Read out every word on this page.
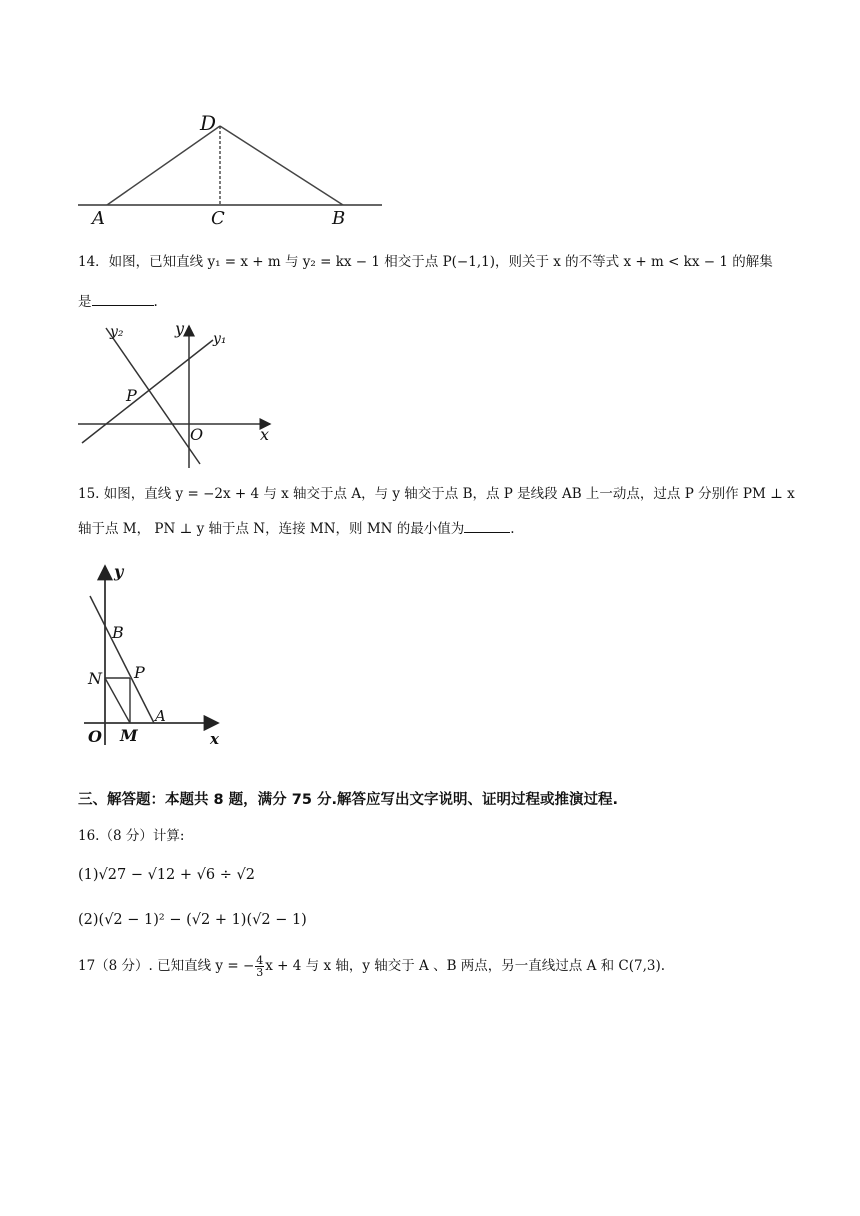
D
A	C	B
14．如图，已知直线 y₁ = x + m 与 y₂ = kx − 1 相交于点 P(−1,1)，则关于 x 的不等式 x + m < kx − 1 的解集
是	.
y₂	y
y₁
P
O	x
15. 如图，直线 y = −2x + 4 与 x 轴交于点 A，与 y 轴交于点 B，点 P 是线段 AB 上一动点，过点 P 分别作 PM ⊥ x
轴于点 M， PN ⊥ y 轴于点 N，连接 MN，则 MN 的最小值为	.
y
B
N P
A
O M	x
三、解答题：本题共 8 题，满分 75 分.解答应写出文字说明、证明过程或推演过程.
16.（8 分）计算:
(1)√27 − √12 + √6 ÷ √2
(2)(√2 − 1)² − (√2 + 1)(√2 − 1)
17（8 分）. 已知直线 y = − $\frac{4}{3}$ x + 4 与 x 轴，y 轴交于 A 、B 两点，另一直线过点 A 和 C(7,3).
